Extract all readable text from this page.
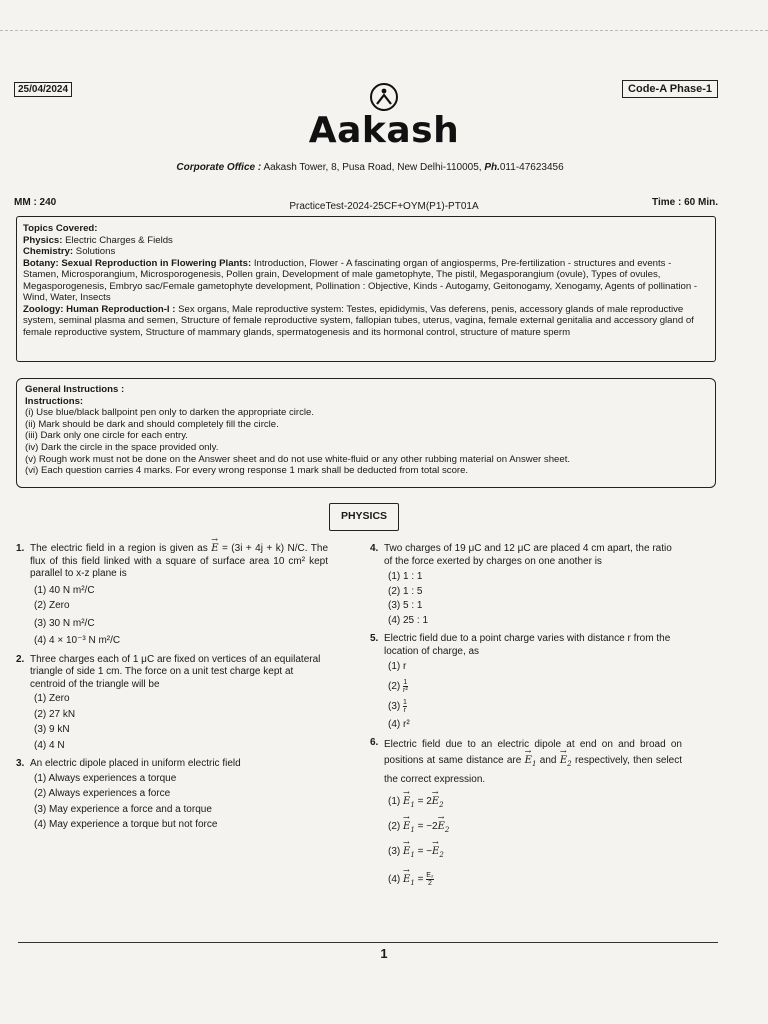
25/04/2024	Code-A Phase-1
Aakash
Corporate Office : Aakash Tower, 8, Pusa Road, New Delhi-110005, Ph.011-47623456
MM : 240	PracticeTest-2024-25CF+OYM(P1)-PT01A	Time : 60 Min.
Topics Covered:
Physics: Electric Charges & Fields
Chemistry: Solutions
Botany: Sexual Reproduction in Flowering Plants: Introduction, Flower - A fascinating organ of angiosperms, Pre-fertilization - structures and events - Stamen, Microsporangium, Microsporogenesis, Pollen grain, Development of male gametophyte, The pistil, Megasporangium (ovule), Types of ovules, Megasporogenesis, Embryo sac/Female gametophyte development, Pollination : Objective, Kinds - Autogamy, Geitonogamy, Xenogamy, Agents of pollination - Wind, Water, Insects
Zoology: Human Reproduction-I : Sex organs, Male reproductive system: Testes, epididymis, Vas deferens, penis, accessory glands of male reproductive system, seminal plasma and semen, Structure of female reproductive system, fallopian tubes, uterus, vagina, female external genitalia and accessory gland of female reproductive system, Structure of mammary glands, spermatogenesis and its hormonal control, structure of mature sperm
General Instructions :
Instructions:
(i) Use blue/black ballpoint pen only to darken the appropriate circle.
(ii) Mark should be dark and should completely fill the circle.
(iii) Dark only one circle for each entry.
(iv) Dark the circle in the space provided only.
(v) Rough work must not be done on the Answer sheet and do not use white-fluid or any other rubbing material on Answer sheet.
(vi) Each question carries 4 marks. For every wrong response 1 mark shall be deducted from total score.
PHYSICS
1. The electric field in a region is given as → E = (3i + 4j + k) N/C. The flux of this field linked with a square of surface area 10 cm² kept parallel to x-z plane is
(1) 40 N m²/C
(2) Zero
(3) 30 N m²/C
(4) 4 × 10⁻³ N m²/C
2. Three charges each of 1 μC are fixed on vertices of an equilateral triangle of side 1 cm. The force on a unit test charge kept at centroid of the triangle will be
(1) Zero
(2) 27 kN
(3) 9 kN
(4) 4 N
3. An electric dipole placed in uniform electric field
(1) Always experiences a torque
(2) Always experiences a force
(3) May experience a force and a torque
(4) May experience a torque but not force
4. Two charges of 19 μC and 12 μC are placed 4 cm apart, the ratio of the force exerted by charges on one another is
(1) 1 : 1
(2) 1 : 5
(3) 5 : 1
(4) 25 : 1
5. Electric field due to a point charge varies with distance r from the location of charge, as
(1) r
$(2) \frac{1}{\text{r²}}$
$(3) \frac{1}{r}$
(4) r²
6. Electric field due to an electric dipole at end on and broad on positions at same distance are → $E_1$ and → $E_2$ respectively, then select the correct expression.
$(1) \to E_1 = 2\to E_2$
$(2) \to E_1 = -2\to E_2$
$(3) \to E_1$ = −→ $E_2$
$(4) \to E_1 = \frac{\text{E₂}}{2}$
1
